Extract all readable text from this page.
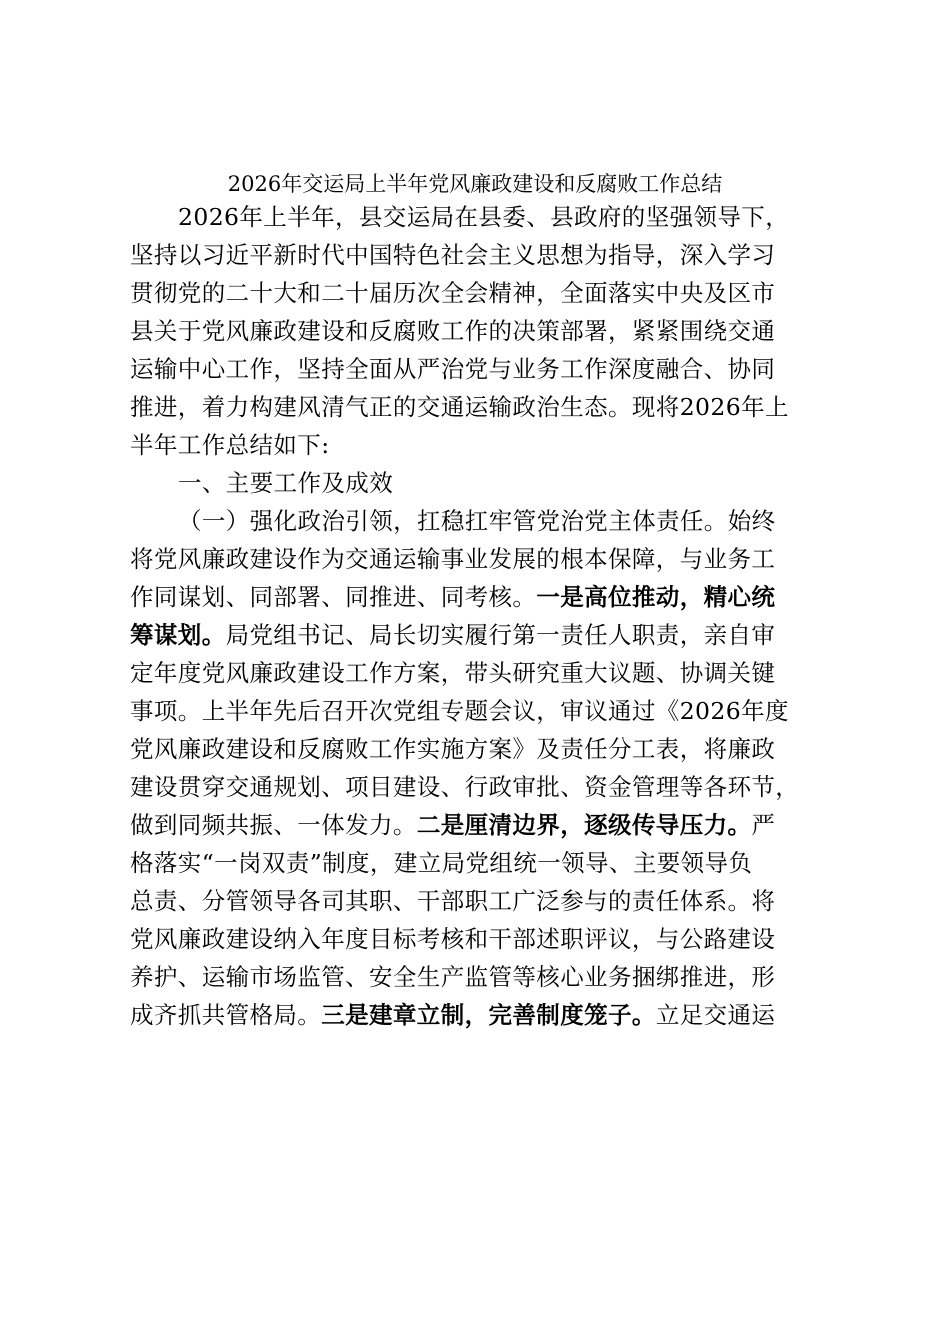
2026年交运局上半年党风廉政建设和反腐败工作总结
2026年上半年，县交运局在县委、县政府的坚强领导下，
坚持以习近平新时代中国特色社会主义思想为指导，深入学习
贯彻党的二十大和二十届历次全会精神，全面落实中央及区市
县关于党风廉政建设和反腐败工作的决策部署，紧紧围绕交通
运输中心工作，坚持全面从严治党与业务工作深度融合、协同
推进，着力构建风清气正的交通运输政治生态。现将2026年上
半年工作总结如下:
一、主要工作及成效
（一）强化政治引领，扛稳扛牢管党治党主体责任。始终
将党风廉政建设作为交通运输事业发展的根本保障，与业务工
作同谋划、同部署、同推进、同考核。一是高位推动，精心统
筹谋划。局党组书记、局长切实履行第一责任人职责，亲自审
定年度党风廉政建设工作方案，带头研究重大议题、协调关键
事项。上半年先后召开次党组专题会议，审议通过《2026年度
党风廉政建设和反腐败工作实施方案》及责任分工表，将廉政
建设贯穿交通规划、项目建设、行政审批、资金管理等各环节，
做到同频共振、一体发力。二是厘清边界，逐级传导压力。严
格落实“一岗双责”制度，建立局党组统一领导、主要领导负
总责、分管领导各司其职、干部职工广泛参与的责任体系。将
党风廉政建设纳入年度目标考核和干部述职评议，与公路建设
养护、运输市场监管、安全生产监管等核心业务捆绑推进，形
成齐抓共管格局。三是建章立制，完善制度笼子。立足交通运
